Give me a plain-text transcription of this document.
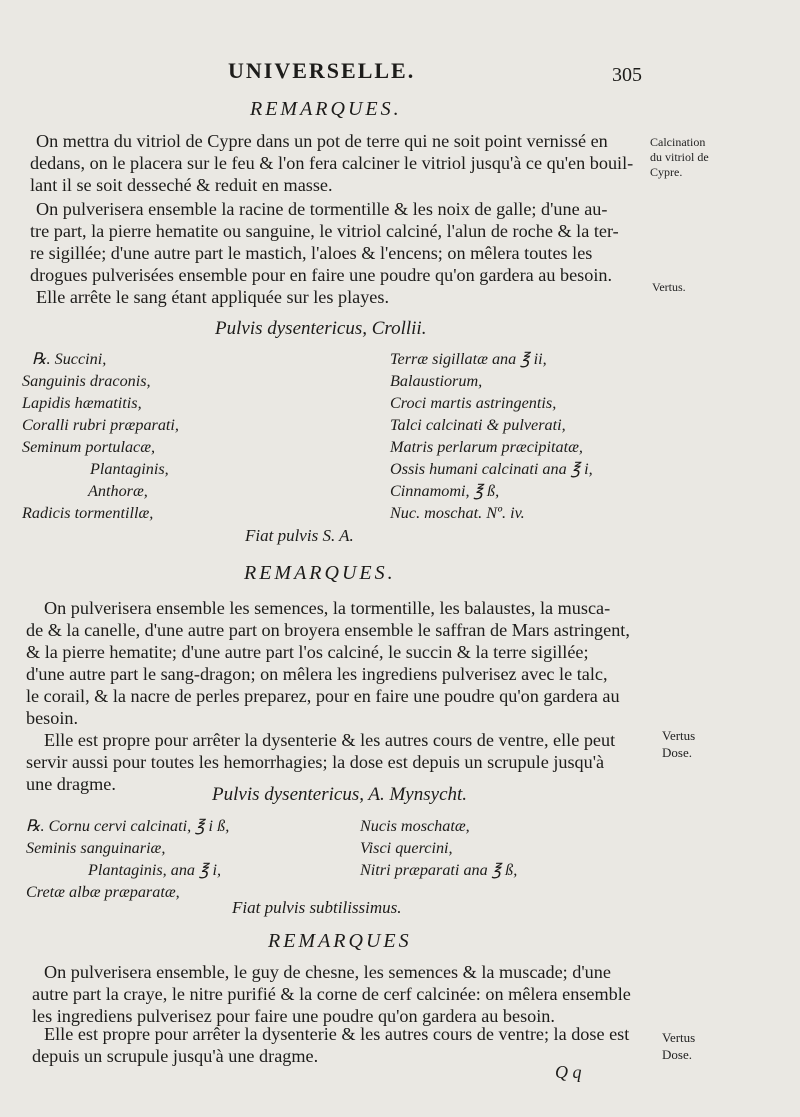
UNIVERSELLE.	305
REMARQUES.
On mettra du vitriol de Cypre dans un pot de terre qui ne soit point vernissé en
dedans, on le placera sur le feu & l'on fera calciner le vitriol jusqu'à ce qu'en bouil-
lant il se soit desseché & reduit en masse.
On pulverisera ensemble la racine de tormentille & les noix de galle; d'une au-
tre part, la pierre hematite ou sanguine, le vitriol calciné, l'alun de roche & la ter-
re sigillée; d'une autre part le mastich, l'aloes & l'encens; on mêlera toutes les
drogues pulverisées ensemble pour en faire une poudre qu'on gardera au besoin.
Elle arrête le sang étant appliquée sur les playes.
Calcination
du vitriol de
Cypre.
Vertus.
Pulvis dysentericus, Crollii.
℞. Succini,
Sanguinis draconis,
Lapidis hæmatitis,
Coralli rubri præparati,
Seminum portulacæ,
Plantaginis,
Anthoræ,
Radicis tormentillæ,
Terræ sigillatæ ana ℥ ii,
Balaustiorum,
Croci martis astringentis,
Talci calcinati & pulverati,
Matris perlarum præcipitatæ,
Ossis humani calcinati ana ℥ i,
Cinnamomi, ℥ ß,
Nuc. moschat. Nº. iv.
Fiat pulvis S. A.
REMARQUES.
On pulverisera ensemble les semences, la tormentille, les balaustes, la muscа-
de & la canelle, d'une autre part on broyera ensemble le saffran de Mars astringent,
& la pierre hematite; d'une autre part l'os calciné, le succin & la terre sigillée;
d'une autre part le sang-dragon; on mêlera les ingrediens pulverisez avec le talc,
le corail, & la nacre de perles preparez, pour en faire une poudre qu'on gardera au
besoin.
Elle est propre pour arrêter la dysenterie & les autres cours de ventre, elle peut
servir aussi pour toutes les hemorrhagies; la dose est depuis un scrupule jusqu'à
une dragme.
Vertus
Dose.
Pulvis dysentericus, A. Mynsycht.
℞. Cornu cervi calcinati, ℥ i ß,
Seminis sanguinariæ,
Plantaginis, ana ℥ i,
Cretæ albæ præparatæ,
Nucis moschatæ,
Visci quercini,
Nitri præparati ana ℥ ß,
Fiat pulvis subtilissimus.
REMARQUES
On pulverisera ensemble, le guy de chesne, les semences & la muscade; d'une
autre part la craye, le nitre purifié & la corne de cerf calcinée: on mêlera ensemble
les ingrediens pulverisez pour faire une poudre qu'on gardera au besoin.
Elle est propre pour arrêter la dysenterie & les autres cours de ventre; la dose est
depuis un scrupule jusqu'à une dragme.
Vertus
Dose.
Q q
